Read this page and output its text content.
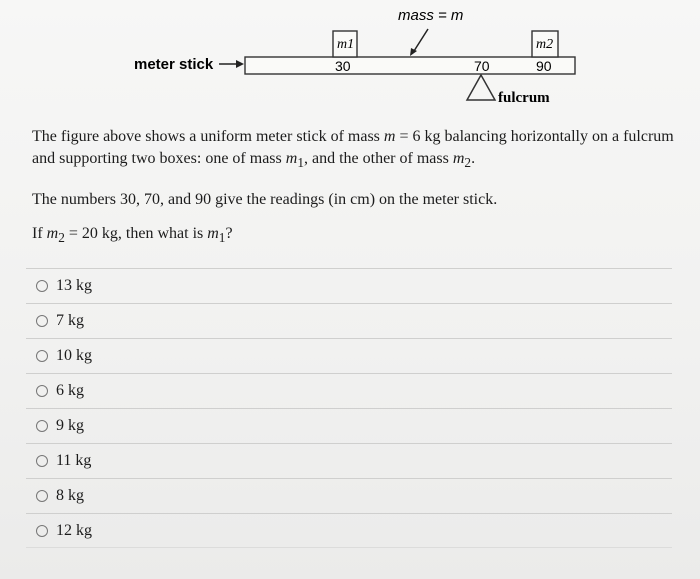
mass = m
meter stick
m1
30
m2
90
70
fulcrum

The figure above shows a uniform meter stick of mass m = 6 kg balancing horizontally on a fulcrum and supporting two boxes: one of mass $m_1$, and the other of mass $m_2$.

The numbers 30, 70, and 90 give the readings (in cm) on the meter stick.

If $m_2 = 20$ kg, then what is $m_1$?

13 kg
7 kg
10 kg
6 kg
9 kg
11 kg
8 kg
12 kg
